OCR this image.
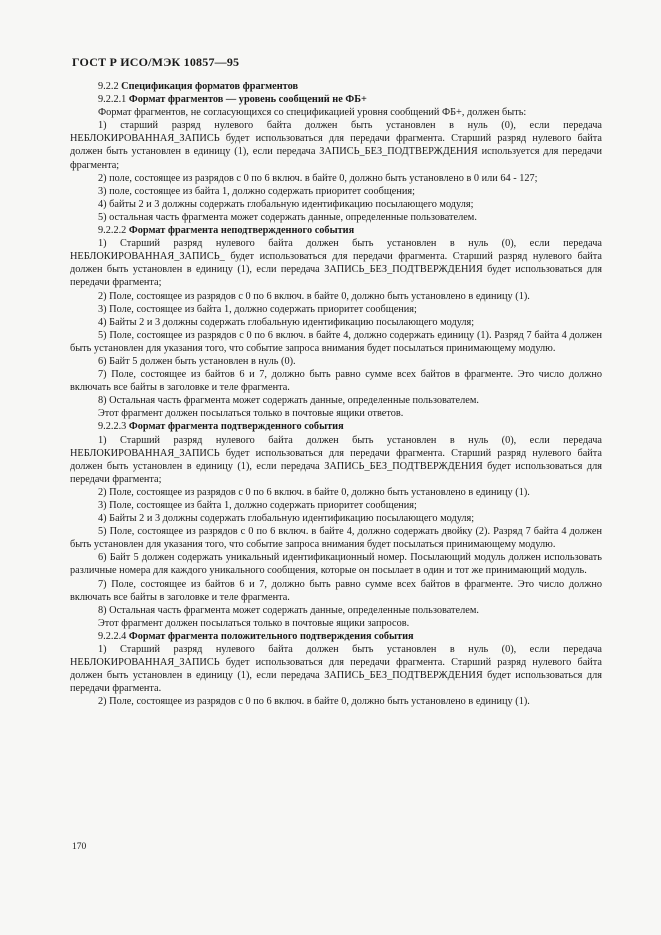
ГОСТ Р ИСО/МЭК 10857—95

9.2.2 Спецификация форматов фрагментов

9.2.2.1 Формат фрагментов — уровень сообщений не ФБ+

Формат фрагментов, не согласующихся со спецификацией уровня сообщений ФБ+, должен быть:

1) старший разряд нулевого байта должен быть установлен в нуль (0), если передача НЕБЛОКИРОВАННАЯ_ЗАПИСЬ будет использоваться для передачи фрагмента. Старший разряд нулевого байта должен быть установлен в единицу (1), если передача ЗАПИСЬ_БЕЗ_ПОДТВЕРЖДЕНИЯ используется для передачи фрагмента;

2) поле, состоящее из разрядов с 0 по 6 включ. в байте 0, должно быть установлено в 0 или 64 - 127;

3) поле, состоящее из байта 1, должно содержать приоритет сообщения;

4) байты 2 и 3 должны содержать глобальную идентификацию посылающего модуля;

5) остальная часть фрагмента может содержать данные, определенные пользователем.

9.2.2.2 Формат фрагмента неподтвержденного события

1) Старший разряд нулевого байта должен быть установлен в нуль (0), если передача НЕБЛОКИРОВАННАЯ_ЗАПИСЬ_ будет использоваться для передачи фрагмента. Старший разряд нулевого байта должен быть установлен в единицу (1), если передача ЗАПИСЬ_БЕЗ_ПОДТВЕРЖДЕНИЯ будет использоваться для передачи фрагмента;

2) Поле, состоящее из разрядов с 0 по 6 включ. в байте 0, должно быть установлено в единицу (1).

3) Поле, состоящее из байта 1, должно содержать приоритет сообщения;

4) Байты 2 и 3 должны содержать глобальную идентификацию посылающего модуля;

5) Поле, состоящее из разрядов с 0 по 6 включ. в байте 4, должно содержать единицу (1). Разряд 7 байта 4 должен быть установлен для указания того, что событие запроса внимания будет посылаться принимающему модулю.

6) Байт 5 должен быть установлен в нуль (0).

7) Поле, состоящее из байтов 6 и 7, должно быть равно сумме всех байтов в фрагменте. Это число должно включать все байты в заголовке и теле фрагмента.

8) Остальная часть фрагмента может содержать данные, определенные пользователем.

Этот фрагмент должен посылаться только в почтовые ящики ответов.

9.2.2.3 Формат фрагмента подтвержденного события

1) Старший разряд нулевого байта должен быть установлен в нуль (0), если передача НЕБЛОКИРОВАННАЯ_ЗАПИСЬ будет использоваться для передачи фрагмента. Старший разряд нулевого байта должен быть установлен в единицу (1), если передача ЗАПИСЬ_БЕЗ_ПОДТВЕРЖДЕНИЯ будет использоваться для передачи фрагмента;

2) Поле, состоящее из разрядов с 0 по 6 включ. в байте 0, должно быть установлено в единицу (1).

3) Поле, состоящее из байта 1, должно содержать приоритет сообщения;

4) Байты 2 и 3 должны содержать глобальную идентификацию посылающего модуля;

5) Поле, состоящее из разрядов с 0 по 6 включ. в байте 4, должно содержать двойку (2). Разряд 7 байта 4 должен быть установлен для указания того, что событие запроса внимания будет посылаться принимающему модулю.

6) Байт 5 должен содержать уникальный идентификационный номер. Посылающий модуль должен использовать различные номера для каждого уникального сообщения, которые он посылает в один и тот же принимающий модуль.

7) Поле, состоящее из байтов 6 и 7, должно быть равно сумме всех байтов в фрагменте. Это число должно включать все байты в заголовке и теле фрагмента.

8) Остальная часть фрагмента может содержать данные, определенные пользователем.

Этот фрагмент должен посылаться только в почтовые ящики запросов.

9.2.2.4 Формат фрагмента положительного подтверждения события

1) Старший разряд нулевого байта должен быть установлен в нуль (0), если передача НЕБЛОКИРОВАННАЯ_ЗАПИСЬ будет использоваться для передачи фрагмента. Старший разряд нулевого байта должен быть установлен в единицу (1), если передача ЗАПИСЬ_БЕЗ_ПОДТВЕРЖДЕНИЯ будет использоваться для передачи фрагмента.

2) Поле, состоящее из разрядов с 0 по 6 включ. в байте 0, должно быть установлено в единицу (1).

170
